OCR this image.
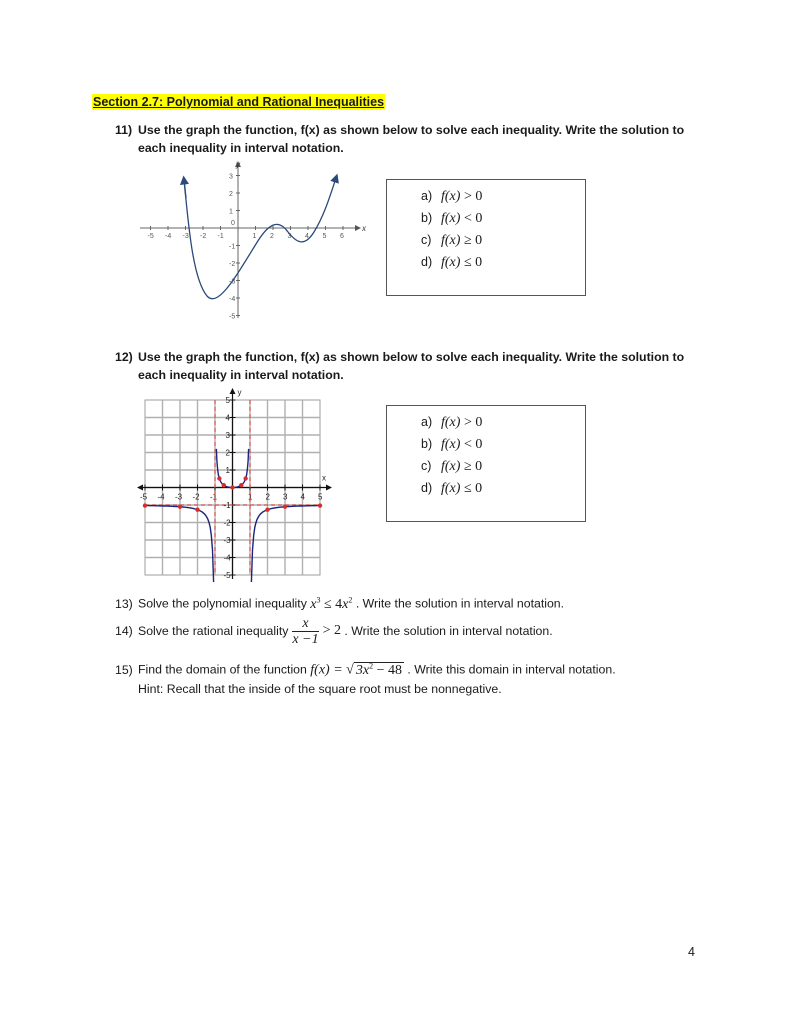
Section 2.7: Polynomial and Rational Inequalities
11) Use the graph the function, f(x) as shown below to solve each inequality. Write the solution to
each inequality in interval notation.
x
y
-5 -4 -3 -2 -1
0
1 2 3 4 5 6
3
2
1
-1
-2
-3
-4
-5
a) f(x) > 0
b) f(x) < 0
c) f(x) ≥ 0
d) f(x) ≤ 0
12) Use the graph the function, f(x) as shown below to solve each inequality. Write the solution to
each inequality in interval notation.
x
y
-5 -4 -3 -2 -1	1 2 3 4 5
5
4
3
2
1
-1
-2
-3
-4
-5
a) f(x) > 0
b) f(x) < 0
c) f(x) ≥ 0
d) f(x) ≤ 0
13) Solve the polynomial inequality $x^3 \le 4x^2$ . Write the solution in interval notation.
14) Solve the rational inequality $\frac{x}{x -1} > 2$
. Write the solution in interval notation.
15) Find the domain of the function f(x) = √ $3x^2 - 48$ . Write this domain in interval notation.
Hint: Recall that the inside of the square root must be nonnegative.
4
